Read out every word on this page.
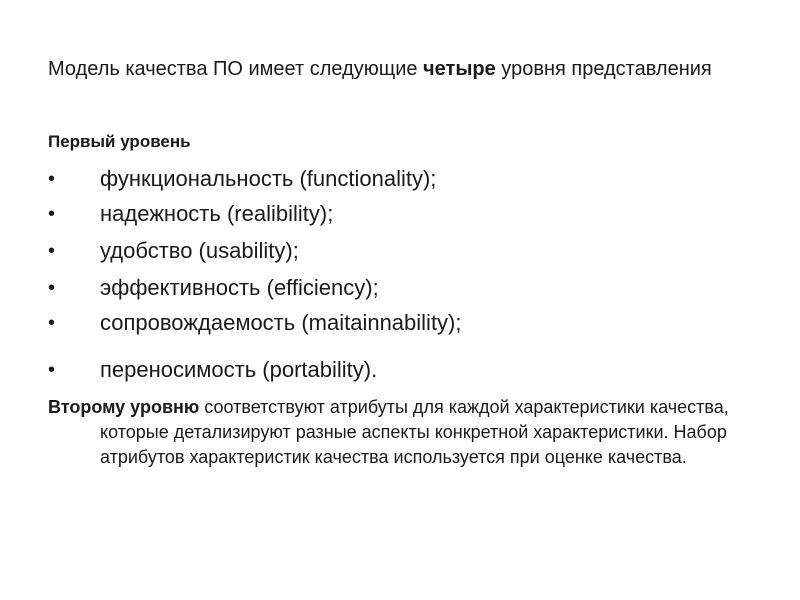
Модель качества ПО имеет следующие четыре уровня представления

Первый уровень
• функциональность (functionality);
• надежность (realibility);
• удобство (usability);
• эффективность (efficiency);
• сопровождаемость (maitainnability);
• переносимость (portability).

Второму уровню соответствуют атрибуты для каждой характеристики качества, которые детализируют разные аспекты конкретной характеристики. Набор атрибутов характеристик качества используется при оценке качества.
